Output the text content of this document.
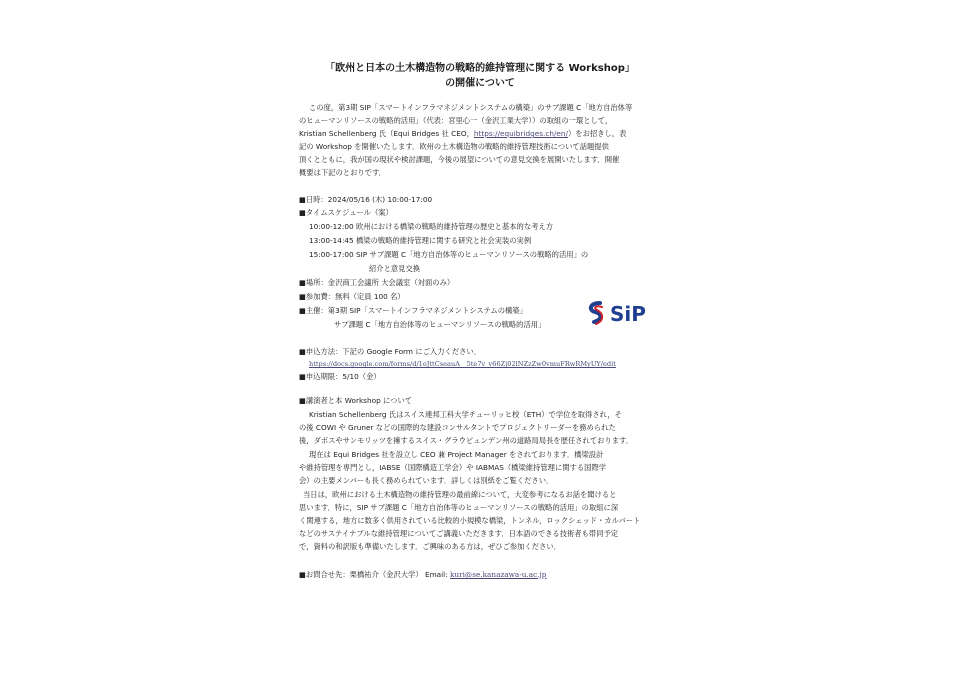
「欧州と日本の土木構造物の戦略的維持管理に関する Workshop」
の開催について
この度，第3期 SIP「スマートインフラマネジメントシステムの構築」のサブ課題 C「地方自治体等
のヒューマンリソースの戦略的活用」（代表：宮里心一（金沢工業大学））の取組の一環として，
Kristian Schellenberg 氏（Equi Bridges 社 CEO，https://equibridges.ch/en/）をお招きし，表
記の Workshop を開催いたします．欧州の土木構造物の戦略的維持管理技術について話題提供
頂くとともに，我が国の現状や検討課題，今後の展望についての意見交換を展開いたします．開催
概要は下記のとおりです．
■日時：2024/05/16 (木) 10:00-17:00
■タイムスケジュール（案）
10:00-12:00 欧州における橋梁の戦略的維持管理の歴史と基本的な考え方
13:00-14:45 橋梁の戦略的維持管理に関する研究と社会実装の実例
15:00-17:00 SIP サブ課題 C「地方自治体等のヒューマンリソースの戦略的活用」の
紹介と意見交換
■場所：金沢商工会議所 大会議室（対面のみ）
■参加費：無料（定員 100 名）
■主催：第3期 SIP「スマートインフラマネジメントシステムの構築」
サブ課題 C「地方自治体等のヒューマンリソースの戦略的活用」	SiP
■申込方法：下記の Google Form にご入力ください．
https://docs.google.com/forms/d/1eJttCseauA__5te7v_v66Zj02lNZzZw0vmuFRwRMyUY/edit
■申込期限：5/10（金）
■講演者と本 Workshop について
Kristian Schellenberg 氏はスイス連邦工科大学チューリッヒ校（ETH）で学位を取得され，そ
の後 COWI や Gruner などの国際的な建設コンサルタントでプロジェクトリーダーを務められた
後，ダボスやサンモリッツを擁するスイス・グラウビュンデン州の道路局局長を歴任されております．
現在は Equi Bridges 社を設立し CEO 兼 Project Manager をされております．橋梁設計
や維持管理を専門とし，IABSE（国際構造工学会）や IABMAS（橋梁維持管理に関する国際学
会）の主要メンバーも長く務められています．詳しくは別紙をご覧ください．
当日は，欧州における土木構造物の維持管理の最前線について，大変参考になるお話を聞けると
思います．特に，SIP サブ課題 C「地方自治体等のヒューマンリソースの戦略的活用」の取組に深
く関連する，地方に数多く供用されている比較的小規模な橋梁，トンネル，ロックシェッド・カルバート
などのサステイナブルな維持管理についてご講義いただきます．日本語のできる技術者も帯同予定
で，資料の和訳版も準備いたします．ご興味のある方は，ぜひご参加ください．
■お問合せ先：栗橋祐介（金沢大学） Email: kuri@se.kanazawa-u.ac.jp
